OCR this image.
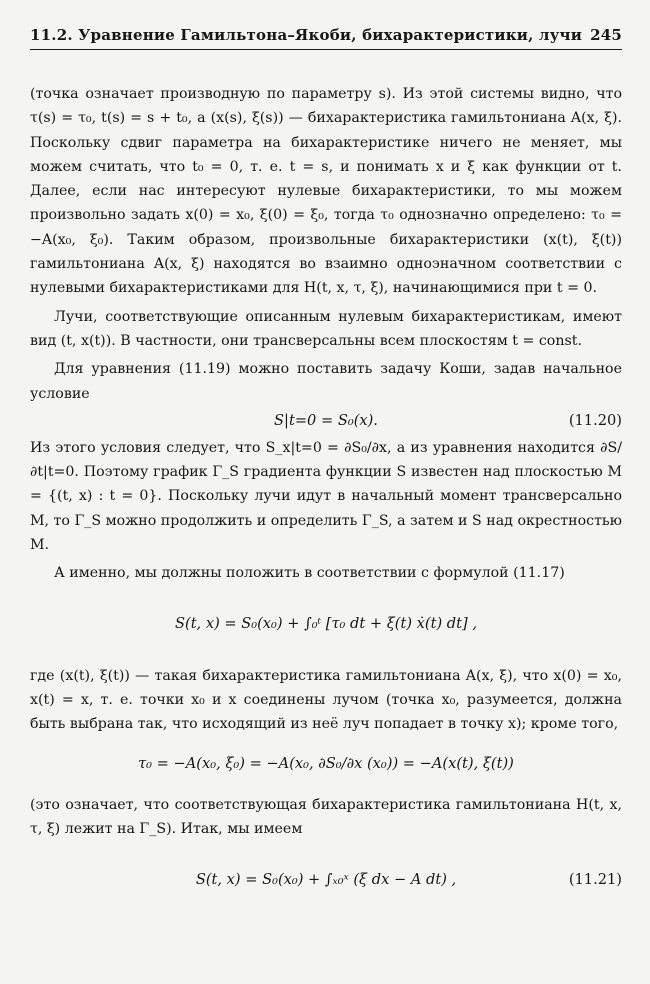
11.2. Уравнение Гамильтона–Якоби, бихарактеристики, лучи 245

(точка означает производную по параметру s). Из этой системы видно, что τ(s) = τ₀, t(s) = s + t₀, а (x(s), ξ(s)) — бихарактеристика гамильтониана A(x, ξ). Поскольку сдвиг параметра на бихарактеристике ничего не меняет, мы можем считать, что t₀ = 0, т. е. t = s, и понимать x и ξ как функции от t. Далее, если нас интересуют нулевые бихарактеристики, то мы можем произвольно задать x(0) = x₀, ξ(0) = ξ₀, тогда τ₀ однозначно определено: τ₀ = −A(x₀, ξ₀). Таким образом, произвольные бихарактеристики (x(t), ξ(t)) гамильтониана A(x, ξ) находятся во взаимно одноэначном соответствии с нулевыми бихарактеристиками для H(t, x, τ, ξ), начинающимися при t = 0.

Лучи, соответствующие описанным нулевым бихарактеристикам, имеют вид (t, x(t)). В частности, они трансверсальны всем плоскостям t = const.

Для уравнения (11.19) можно поставить задачу Коши, задав начальное условие

S|t=0 = S₀(x).	(11.20)

Из этого условия следует, что S_x|t=0 = ∂S₀/∂x, а из уравнения находится ∂S/∂t|t=0. Поэтому график Γ_S градиента функции S известен над плоскостью M = {(t, x) : t = 0}. Поскольку лучи идут в начальный момент трансверсально M, то Γ_S можно продолжить и определить Γ_S, а затем и S над окрестностью M.

А именно, мы должны положить в соответствии с формулой (11.17)

S(t, x) = S₀(x₀) + ∫₀ᵗ [τ₀ dt + ξ(t) ẋ(t) dt] ,

где (x(t), ξ(t)) — такая бихарактеристика гамильтониана A(x, ξ), что x(0) = x₀, x(t) = x, т. е. точки x₀ и x соединены лучом (точка x₀, разумеется, должна быть выбрана так, что исходящий из неё луч попадает в точку x); кроме того,

τ₀ = −A(x₀, ξ₀) = −A(x₀, ∂S₀/∂x (x₀)) = −A(x(t), ξ(t))

(это означает, что соответствующая бихарактеристика гамильтониана H(t, x, τ, ξ) лежит на Γ_S). Итак, мы имеем

S(t, x) = S₀(x₀) + ∫ₓ₀ˣ (ξ dx − A dt) ,	(11.21)
